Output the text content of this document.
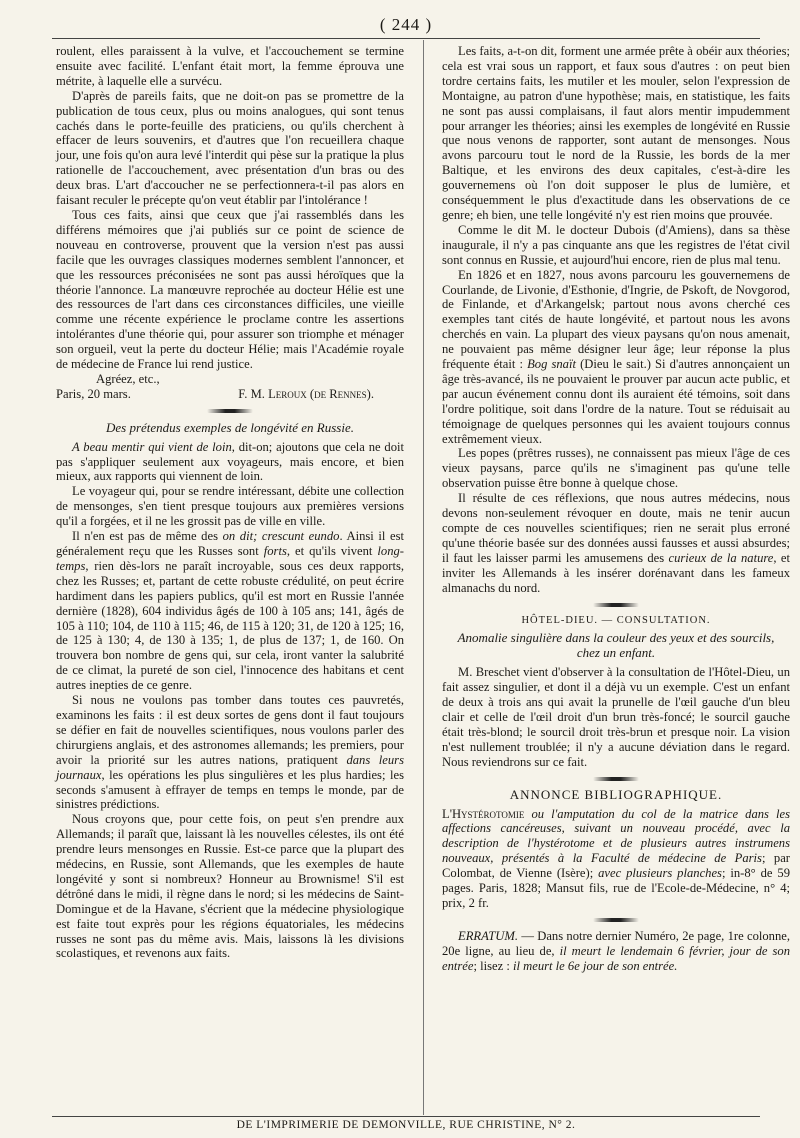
( 244 )

roulent, elles paraissent à la vulve, et l'accouchement se termine ensuite avec facilité. L'enfant était mort, la femme éprouva une métrite, à laquelle elle a survécu.

D'après de pareils faits, que ne doit-on pas se promettre de la publication de tous ceux, plus ou moins analogues, qui sont tenus cachés dans le porte-feuille des praticiens, ou qu'ils cherchent à effacer de leurs souvenirs, et d'autres que l'on recueillera chaque jour, une fois qu'on aura levé l'interdit qui pèse sur la pratique la plus rationelle de l'accouchement, avec présentation d'un bras ou des deux bras. L'art d'accoucher ne se perfectionnera-t-il pas alors en faisant reculer le précepte qu'on veut établir par l'intolérance !

Tous ces faits, ainsi que ceux que j'ai rassemblés dans les différens mémoires que j'ai publiés sur ce point de science de nouveau en controverse, prouvent que la version n'est pas aussi facile que les ouvrages classiques modernes semblent l'annoncer, et que les ressources préconisées ne sont pas aussi héroïques que la théorie l'annonce. La manœuvre reprochée au docteur Hélie est une des ressources de l'art dans ces circonstances difficiles, une vieille comme une récente expérience le proclame contre les assertions intolérantes d'une théorie qui, pour assurer son triomphe et ménager son orgueil, veut la perte du docteur Hélie; mais l'Académie royale de médecine de France lui rend justice.

Agréez, etc.,

Paris, 20 mars.	F. M. Leroux (de Rennes).
Des prétendus exemples de longévité en Russie.

A beau mentir qui vient de loin, dit-on; ajoutons que cela ne doit pas s'appliquer seulement aux voyageurs, mais encore, et bien mieux, aux rapports qui viennent de loin.

Le voyageur qui, pour se rendre intéressant, débite une collection de mensonges, s'en tient presque toujours aux premières versions qu'il a forgées, et il ne les grossit pas de ville en ville.

Il n'en est pas de même des on dit; crescunt eundo. Ainsi il est généralement reçu que les Russes sont forts, et qu'ils vivent long-temps, rien dès-lors ne paraît incroyable, sous ces deux rapports, chez les Russes; et, partant de cette robuste crédulité, on peut écrire hardiment dans les papiers publics, qu'il est mort en Russie l'année dernière (1828), 604 individus âgés de 100 à 105 ans; 141, âgés de 105 à 110; 104, de 110 à 115; 46, de 115 à 120; 31, de 120 à 125; 16, de 125 à 130; 4, de 130 à 135; 1, de plus de 137; 1, de 160. On trouvera bon nombre de gens qui, sur cela, iront vanter la salubrité de ce climat, la pureté de son ciel, l'innocence des habitans et cent autres inepties de ce genre.

Si nous ne voulons pas tomber dans toutes ces pauvretés, examinons les faits : il est deux sortes de gens dont il faut toujours se défier en fait de nouvelles scientifiques, nous voulons parler des chirurgiens anglais, et des astronomes allemands; les premiers, pour avoir la priorité sur les autres nations, pratiquent dans leurs journaux, les opérations les plus singulières et les plus hardies; les seconds s'amusent à effrayer de temps en temps le monde, par de sinistres prédictions.

Nous croyons que, pour cette fois, on peut s'en prendre aux Allemands; il paraît que, laissant là les nouvelles célestes, ils ont été prendre leurs mensonges en Russie. Est-ce parce que la plupart des médecins, en Russie, sont Allemands, que les exemples de haute longévité y sont si nombreux? Honneur au Brownisme! S'il est détrôné dans le midi, il règne dans le nord; si les médecins de Saint-Domingue et de la Havane, s'écrient que la médecine physiologique est faite tout exprès pour les régions équatoriales, les médecins russes ne sont pas du même avis. Mais, laissons là les divisions scolastiques, et revenons aux faits.

Les faits, a-t-on dit, forment une armée prête à obéir aux théories; cela est vrai sous un rapport, et faux sous d'autres : on peut bien tordre certains faits, les mutiler et les mouler, selon l'expression de Montaigne, au patron d'une hypothèse; mais, en statistique, les faits ne sont pas aussi complaisans, il faut alors mentir impudemment pour arranger les théories; ainsi les exemples de longévité en Russie que nous venons de rapporter, sont autant de mensonges. Nous avons parcouru tout le nord de la Russie, les bords de la mer Baltique, et les environs des deux capitales, c'est-à-dire les gouvernemens où l'on doit supposer le plus de lumière, et conséquemment le plus d'exactitude dans les observations de ce genre; eh bien, une telle longévité n'y est rien moins que prouvée.

Comme le dit M. le docteur Dubois (d'Amiens), dans sa thèse inaugurale, il n'y a pas cinquante ans que les registres de l'état civil sont connus en Russie, et aujourd'hui encore, rien de plus mal tenu.

En 1826 et en 1827, nous avons parcouru les gouvernemens de Courlande, de Livonie, d'Esthonie, d'Ingrie, de Pskoft, de Novgorod, de Finlande, et d'Arkangelsk; partout nous avons cherché ces exemples tant cités de haute longévité, et partout nous les avons cherchés en vain. La plupart des vieux paysans qu'on nous amenait, ne pouvaient pas même désigner leur âge; leur réponse la plus fréquente était : Bog snaït (Dieu le sait.) Si d'autres annonçaient un âge très-avancé, ils ne pouvaient le prouver par aucun acte public, et par aucun événement connu dont ils auraient été témoins, soit dans l'ordre politique, soit dans l'ordre de la nature. Tout se réduisait au témoignage de quelques personnes qui les avaient toujours connus extrêmement vieux.

Les popes (prêtres russes), ne connaissent pas mieux l'âge de ces vieux paysans, parce qu'ils ne s'imaginent pas qu'une telle observation puisse être bonne à quelque chose.

Il résulte de ces réflexions, que nous autres médecins, nous devons non-seulement révoquer en doute, mais ne tenir aucun compte de ces nouvelles scientifiques; rien ne serait plus erroné qu'une théorie basée sur des données aussi fausses et aussi absurdes; il faut les laisser parmi les amusemens des curieux de la nature, et inviter les Allemands à les insérer dorénavant dans les fameux almanachs du nord.

HÔTEL-DIEU. — CONSULTATION.
Anomalie singulière dans la couleur des yeux et des sourcils,
chez un enfant.

M. Breschet vient d'observer à la consultation de l'Hôtel-Dieu, un fait assez singulier, et dont il a déjà vu un exemple. C'est un enfant de deux à trois ans qui avait la prunelle de l'œil gauche d'un bleu clair et celle de l'œil droit d'un brun très-foncé; le sourcil gauche était très-blond; le sourcil droit très-brun et presque noir. La vision n'est nullement troublée; il n'y a aucune déviation dans le regard. Nous reviendrons sur ce fait.

ANNONCE BIBLIOGRAPHIQUE.

L'Hystérotomie ou l'amputation du col de la matrice dans les affections cancéreuses, suivant un nouveau procédé, avec la description de l'hystérotome et de plusieurs autres instrumens nouveaux, présentés à la Faculté de médecine de Paris; par Colombat, de Vienne (Isère); avec plusieurs planches; in-8° de 59 pages. Paris, 1828; Mansut fils, rue de l'Ecole-de-Médecine, n° 4; prix, 2 fr.

ERRATUM. — Dans notre dernier Numéro, 2e page, 1re colonne, 20e ligne, au lieu de, il meurt le lendemain 6 février, jour de son entrée; lisez : il meurt le 6e jour de son entrée.

DE L'IMPRIMERIE DE DEMONVILLE, RUE CHRISTINE, N° 2.
